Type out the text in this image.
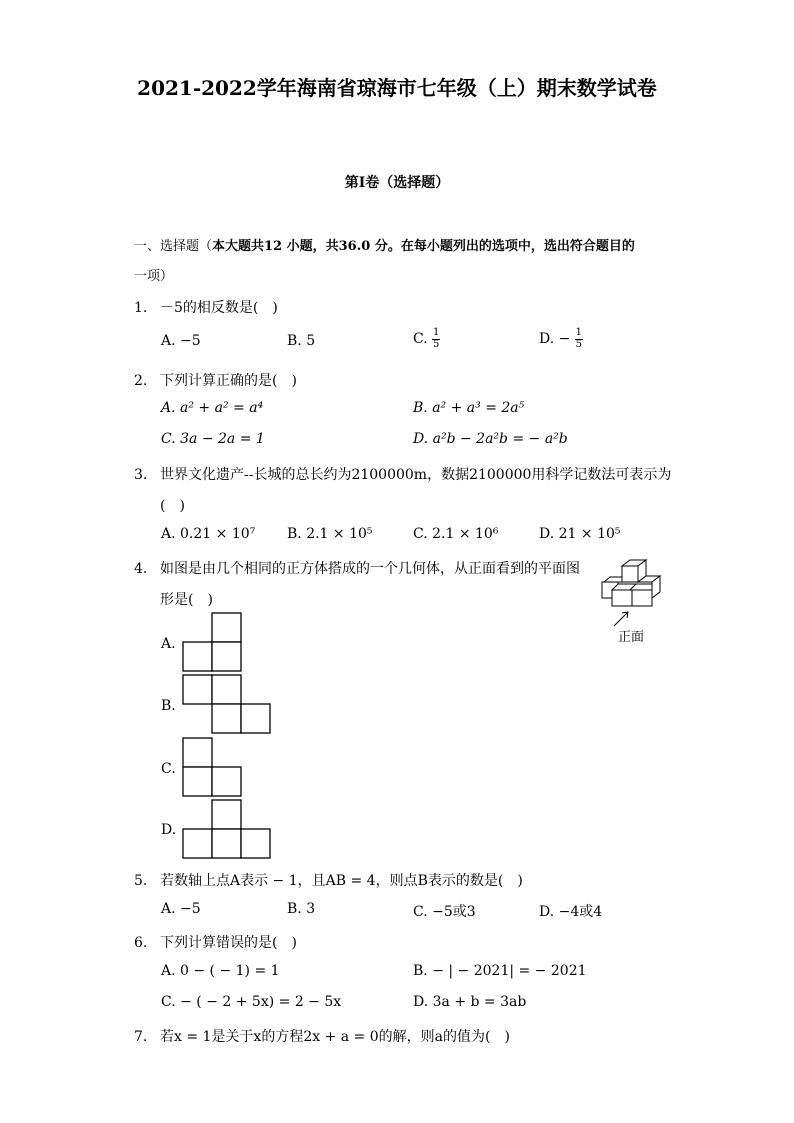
2021-2022学年海南省琼海市七年级（上）期末数学试卷
第Ⅰ卷（选择题）
一、选择题（本大题共12 小题，共36.0 分。在每小题列出的选项中，选出符合题目的
一项）
1. －5的相反数是(　)
A. −5	B. 5	C. $\frac{1}{5}$	D. − $\frac{1}{5}$
2. 下列计算正确的是(　)
A. a² + a² = a⁴	B. a² + a³ = 2a⁵
C. 3a − 2a = 1	D. a²b − 2a²b = − a²b
3. 世界文化遗产--长城的总长约为2100000m，数据2100000用科学记数法可表示为
(　)
A. 0.21 × 10⁷ B. 2.1 × 10⁵	C. 2.1 × 10⁶	D. 21 × 10⁵
4. 如图是由几个相同的正方体搭成的一个几何体，从正面看到的平面图
形是(　)
正面
A.
B.
C.
D.
5. 若数轴上点A表示 − 1，且AB = 4，则点B表示的数是(　)
A. −5	B. 3	C. −5或3	D. −4或4
6. 下列计算错误的是(　)
A. 0 − ( − 1) = 1	B. − | − 2021| = − 2021
C. − ( − 2 + 5x) = 2 − 5x	D. 3a + b = 3ab
7. 若x = 1是关于x的方程2x + a = 0的解，则a的值为(　)
